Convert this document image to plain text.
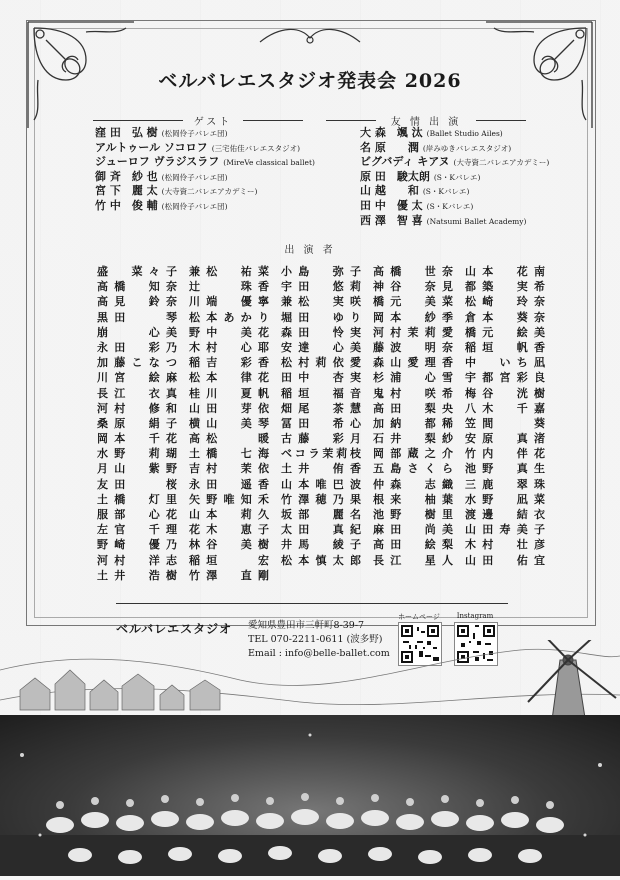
ベルバレエスタジオ発表会 2026
ゲスト
窪 田　弘 樹 (松岡伶子バレエ団)
アルトゥール ソコロフ (三宅佑佳バレエスタジオ)
ジューロフ ヴラジスラフ (MireVe classical ballet)
御 斉　紗 也 (松岡伶子バレエ団)
宮 下　麗 太 (大寺資二バレエアカデミー)
竹 中　俊 輔 (松岡伶子バレエ団)
友 情 出 演
大 森　颯 汰 (Ballet Studio Ailes)
名 原　　潤 (岸みゆきバレエスタジオ)
ビグバディ キアヌ (大寺資二バレエアカデミー)
原 田　駿太朗 (S・Kバレエ)
山 越　　和 (S・Kバレエ)
田 中　優 太 (S・Kバレエ)
西 澤　智 喜 (Natsumi Ballet Academy)
出 演 者
盛　菜々子
高橋　知奈
高見　鈴奈
黒田　　琴
崩　　心美
永田　彩乃
加藤こなつ
川宮　絵麻
長江　衣真
河村　修和
桑原　絹子
岡本　千花
水野　莉瑚
月山　紫野
友田　　桜
土橋　灯里
服部　心花
左官　千理
野崎　優乃
河村　洋志
土井　浩樹
兼松　祐菜
辻　　珠香
川端　優寧
松本あかり
野中　美花
木村　心耶
稲吉　彩香
松本　律花
桂川　夏帆
山田　芽依
横山　美琴
高松　　暖
土橋　七海
吉村　茉依
永田　遥香
矢野唯知禾
山本　莉久
花木　恵子
林谷　美樹
稲垣　　宏
竹澤　直剛
小島　弥子
宇田　悠莉
兼松　実咲
堀田　ゆり
森田　怜実
安達　心美
松村莉依愛
田中　杏実
稲垣　福音
畑尾　茶慧
冨田　希心
古藤　彩月
ベコラ茉莉枝
土井　侑香
山本唯巴波
竹澤穂乃果
坂部　麗名
太田　真紀
井馬　綾子
松本慎太郎
高橋　世奈
神谷　奈見
橋元　美菜
岡本　紗季
河村茉莉愛
藤波　明奈
森山愛理香
杉浦　心雪
鬼村　咲希
高田　梨央
加納　都稀
石井　梨紗
岡部蔵之介
五島さくら
仲森　志織
根来　柚葉
池野　樹里
麻田　尚美
高田　絵梨
長江　星人
山本　花南
都築　実希
松崎　玲奈
倉本　葵奈
橋元　絵美
稲垣　帆香
中　いち凪
宇都宮彩良
梅谷　洸樹
八木　千嘉
笠間　　葵
安原　真渚
竹内　伴花
池野　真生
三鹿　翠珠
水野　凪菜
渡邊　結衣
山田寿美子
木村　壮彦
山田　佑宜
ベルバレエスタジオ 愛知県豊田市三軒町8-39-7
TEL 070-2211-0611 (波多野)
Email : info@belle-ballet.com
ホームページ	Instagram
